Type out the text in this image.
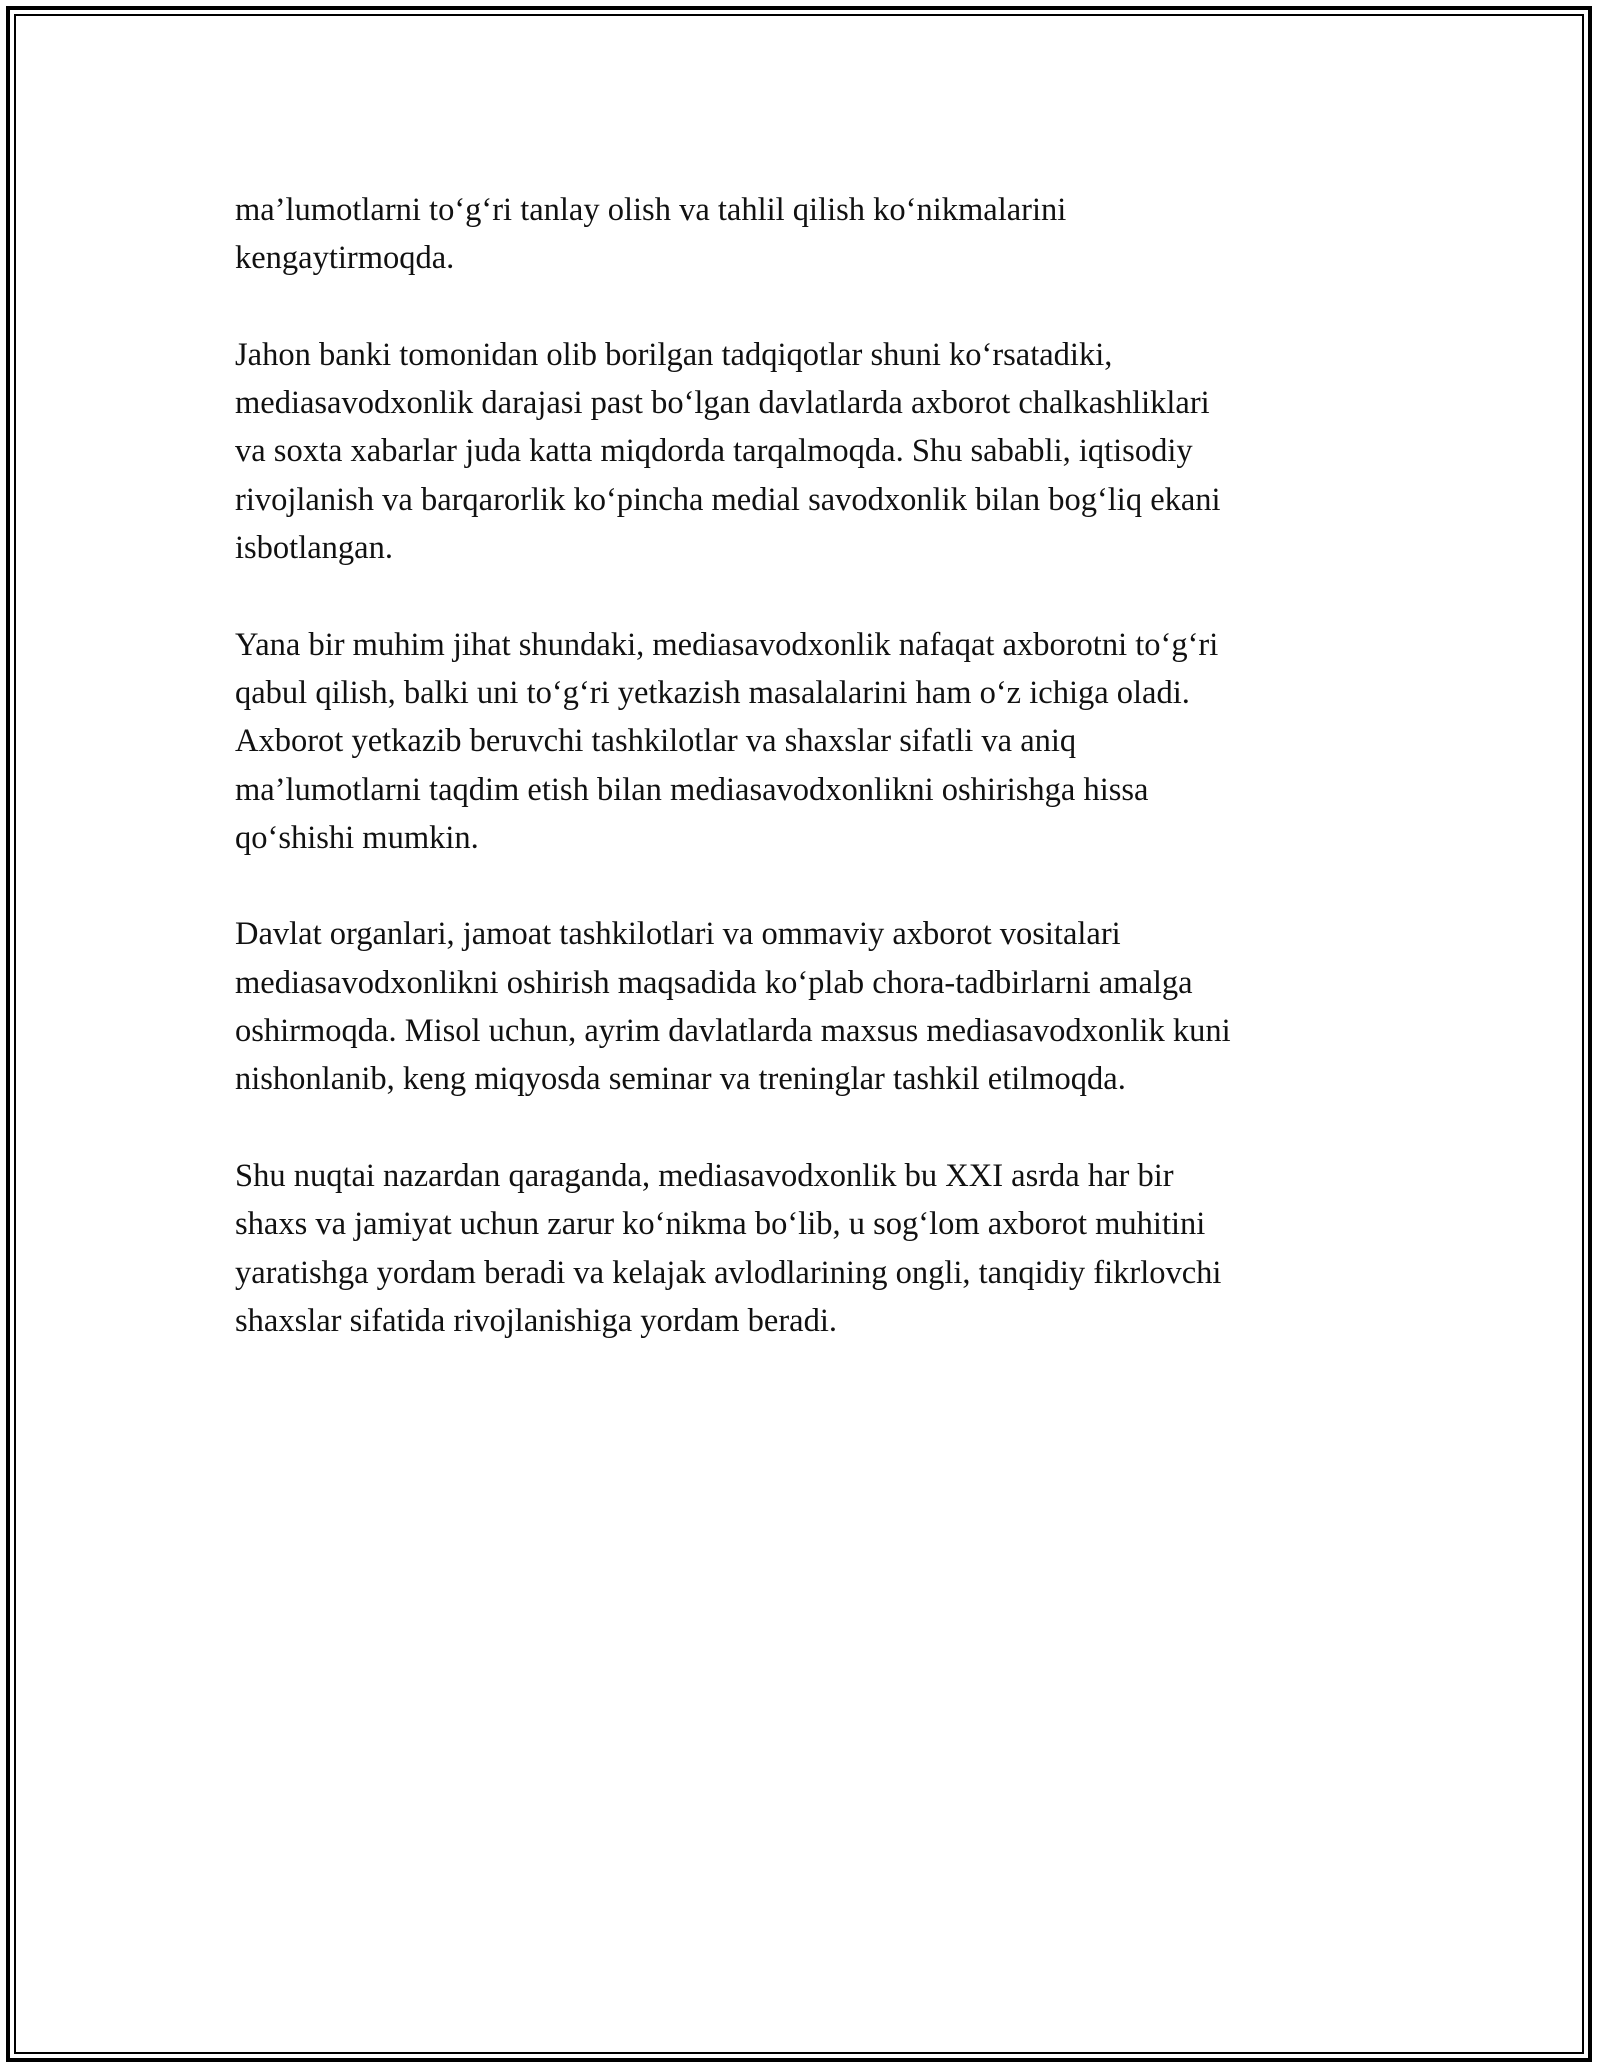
ma’lumotlarni to‘g‘ri tanlay olish va tahlil qilish ko‘nikmalarini
kengaytirmoqda.

Jahon banki tomonidan olib borilgan tadqiqotlar shuni ko‘rsatadiki,
mediasavodxonlik darajasi past bo‘lgan davlatlarda axborot chalkashliklari
va soxta xabarlar juda katta miqdorda tarqalmoqda. Shu sababli, iqtisodiy
rivojlanish va barqarorlik ko‘pincha medial savodxonlik bilan bog‘liq ekani
isbotlangan.

Yana bir muhim jihat shundaki, mediasavodxonlik nafaqat axborotni to‘g‘ri
qabul qilish, balki uni to‘g‘ri yetkazish masalalarini ham o‘z ichiga oladi.
Axborot yetkazib beruvchi tashkilotlar va shaxslar sifatli va aniq
ma’lumotlarni taqdim etish bilan mediasavodxonlikni oshirishga hissa
qo‘shishi mumkin.

Davlat organlari, jamoat tashkilotlari va ommaviy axborot vositalari
mediasavodxonlikni oshirish maqsadida ko‘plab chora-tadbirlarni amalga
oshirmoqda. Misol uchun, ayrim davlatlarda maxsus mediasavodxonlik kuni
nishonlanib, keng miqyosda seminar va treninglar tashkil etilmoqda.

Shu nuqtai nazardan qaraganda, mediasavodxonlik bu XXI asrda har bir
shaxs va jamiyat uchun zarur ko‘nikma bo‘lib, u sog‘lom axborot muhitini
yaratishga yordam beradi va kelajak avlodlarining ongli, tanqidiy fikrlovchi
shaxslar sifatida rivojlanishiga yordam beradi.
